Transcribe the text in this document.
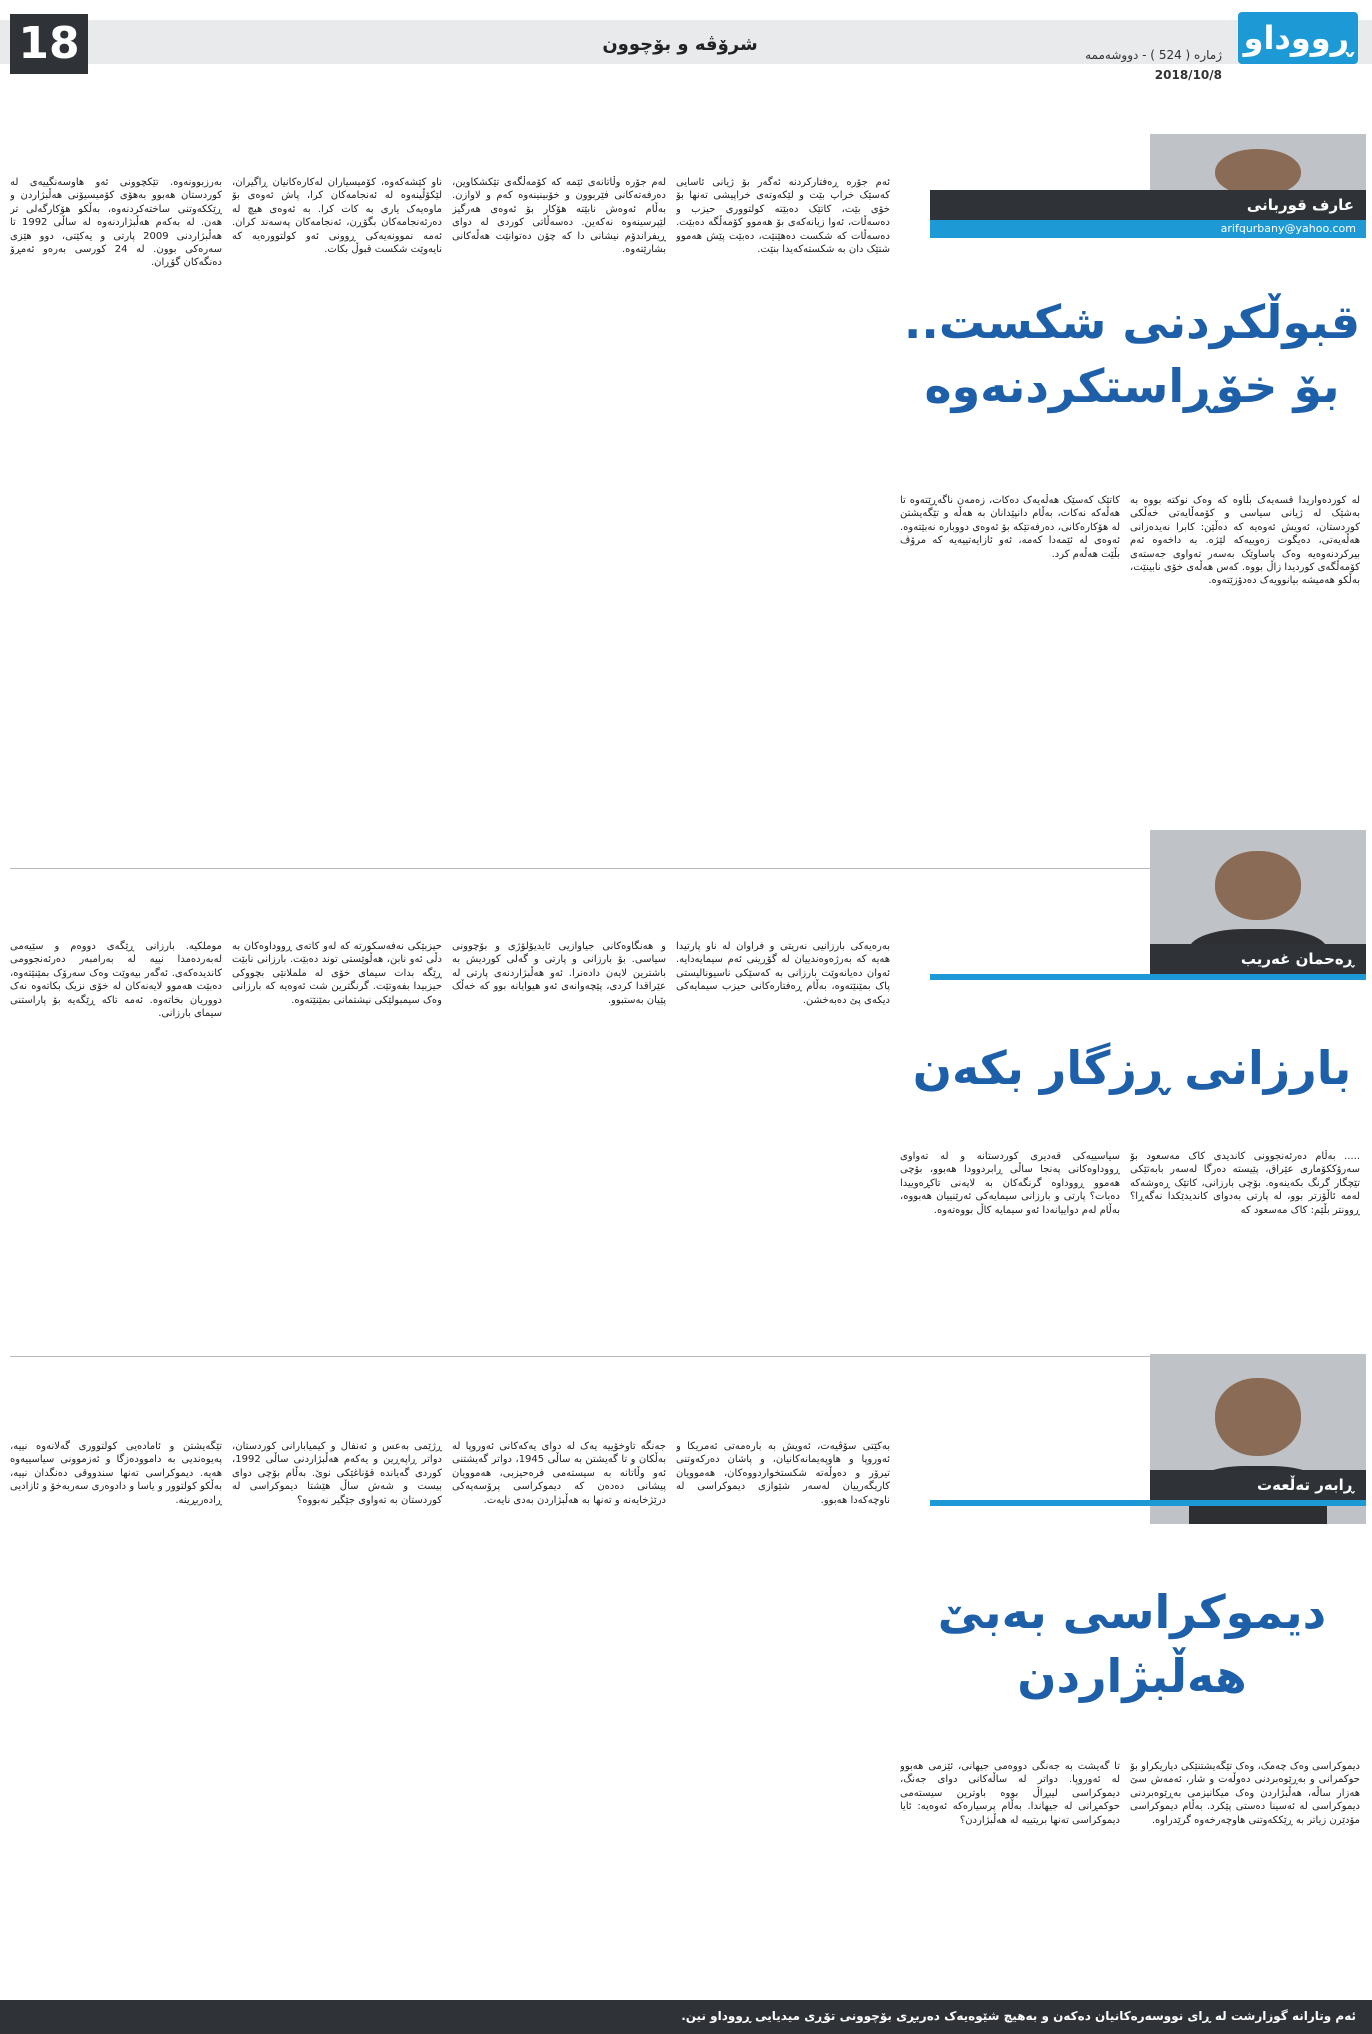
18	شرۆڤە و بۆچوون	ڕووداو
ژمارە ( 524 ) - دووشەممە
2018/10/8
عارف قوربانی
arifqurbany@yahoo.com
قبوڵکردنی شکست.. بۆ خۆڕاستکردنەوە
لە کوردەواریدا قسەیەک بڵاوە کە وەک نوکتە بووە بە بەشێک لە ژیانی سیاسی و کۆمەڵایەتی خەڵکی کوردستان، ئەویش ئەوەیە کە دەڵێن: کابرا نەیدەزانی هەڵەیەتی، دەیگوت زەوییەکە لێژە. بە داخەوە ئەم بیرکردنەوەیە وەک پاساوێک بەسەر تەواوی جەستەی کۆمەڵگەی کوردیدا زاڵ بووە. کەس هەڵەی خۆی نابینێت، بەڵکو هەمیشە بیانوویەک دەدۆزێتەوە.
کاتێک کەسێک هەڵەیەک دەکات، زەمەن ناگەڕێتەوە تا هەڵەکە نەکات، بەڵام دانپێدانان بە هەڵە و تێگەیشتن لە هۆکارەکانی، دەرفەتێکە بۆ ئەوەی دووبارە نەبێتەوە. ئەوەی لە ئێمەدا کەمە، ئەو ئازایەتییەیە کە مرۆڤ بڵێت هەڵەم کرد.
ئەم جۆرە ڕەفتارکردنە ئەگەر بۆ ژیانی ئاسایی کەسێک خراپ بێت و لێکەوتەی خراپیشی تەنها بۆ خۆی بێت، کاتێک دەبێتە کولتووری حیزب و دەسەڵات، ئەوا زیانەکەی بۆ هەموو کۆمەڵگە دەبێت. دەسەڵات کە شکست دەهێنێت، دەبێت پێش هەموو شتێک دان بە شکستەکەیدا بنێت.
لەم جۆرە وڵاتانەی ئێمە کە کۆمەڵگەی تێکشکاوین، دەرفەتەکانی فێربوون و خۆبینینەوە کەم و لاوازن. بەڵام ئەوەش نابێتە هۆکار بۆ ئەوەی هەرگیز لێپرسینەوە نەکەین. دەسەڵاتی کوردی لە دوای ڕیفراندۆم نیشانی دا کە چۆن دەتوانێت هەڵەکانی بشارێتەوە.
ناو کێشەکەوە، کۆمیسیاران لەکارەکانیان ڕاگیران، لێکۆڵینەوە لە ئەنجامەکان کرا، پاش ئەوەی بۆ ماوەیەک یاری بە کات کرا. بە ئەوەی هیچ لە دەرئەنجامەکان بگۆڕن، ئەنجامەکان پەسەند کران. ئەمە نموونەیەکی ڕوونی ئەو کولتوورەیە کە نایەوێت شکست قبوڵ بکات.
بەرزبوونەوە. تێکچوونی ئەو هاوسەنگییەی لە کوردستان هەبوو بەهۆی کۆمیسیۆنی هەڵبژاردن و ڕێککەوتنی ساختەکردنەوە، بەڵکو هۆکارگەلی تر هەن. لە بەکەم هەڵبژاردنەوە لە ساڵی 1992 تا هەڵبژاردنی 2009 پارتی و یەکێتی، دوو هێزی سەرەکی بوون. لە 24 کورسی بەرەو ئەمڕۆ دەنگەکان گۆڕان.
ڕەحمان غەریب
بارزانی ڕزگار بکەن
..... بەڵام دەرئەنجوونی کاندیدی کاک مەسعود بۆ سەرۆککۆماری عێراق، پێیستە دەرگا لەسەر بابەتێکی تێچگار گرنگ بکەینەوە. بۆچی بارزانی، کاتێک ڕەوشەکە لەمە ئاڵۆزتر بوو، لە پارتی بەدوای کاندیدێکدا نەگەڕا؟ ڕوونتر بڵێم: کاک مەسعود کە
سیاسییەکی قەدیری کوردستانە و لە تەواوی ڕووداوەکانی پەنجا ساڵی ڕابردوودا هەبوو، بۆچی هەموو ڕووداوە گرنگەکان بە لایەنی تاکڕەوییدا دەبات؟ پارتی و بارزانی سیمایەکی ئەرێنییان هەبووە، بەڵام لەم دواییانەدا ئەو سیمایە کاڵ بووەتەوە.
بەرەیەکی بارزانیی نەریتی و فراوان لە ناو پارتیدا هەیە کە بەرژەوەندییان لە گۆڕینی ئەم سیمایەدایە. ئەوان دەیانەوێت بارزانی بە کەسێکی ناسیونالیستی پاک بمێنێتەوە، بەڵام ڕەفتارەکانی حیزب سیمایەکی دیکەی پێ دەبەخشن.
و هەنگاوەکانی جیاوازیی ئایدیۆلۆژی و بۆچوونی سیاسی. بۆ بارزانی و پارتی و گەلی کوردیش بە باشترین لایەن دادەنرا. ئەو هەڵبژاردنەی پارتی لە عێراقدا کردی، پێچەوانەی ئەو هیوایانە بوو کە خەڵک پێیان بەستبوو.
حیزبێکی نەفەسکورتە کە لەو کاتەی ڕووداوەکان بە دڵی ئەو نابن، هەڵوێستی توند دەبێت. بارزانی نابێت ڕێگە بدات سیمای خۆی لە ململانێی بچووکی حیزبیدا بفەوتێت. گرنگترین شت ئەوەیە کە بارزانی وەک سیمبولێکی نیشتمانی بمێنێتەوە.
موملکیە. بارزانی ڕێگەی دووەم و سێیەمی لەبەردەمدا نییە لە بەرامبەر دەرئەنجوومی کاندیدەکەی. ئەگەر بیەوێت وەک سەرۆک بمێنێتەوە، دەبێت هەموو لایەنەکان لە خۆی نزیک بکاتەوە نەک دووریان بخاتەوە. ئەمە تاکە ڕێگەیە بۆ پاراستنی سیمای بارزانی.
ڕابەر تەڵعەت
دیموکراسی بەبێ هەڵبژاردن
دیموکراسی وەک چەمک، وەک تێگەیشتنێکی دیاریکراو بۆ حوکمرانی و بەڕێوەبردنی دەوڵەت و شار، ئەمەش سێ هەزار ساڵە، هەڵبژاردن وەک میکانیزمی بەڕێوەبردنی دیموکراسی لە ئەسینا دەستی پێکرد. بەڵام دیموکراسی مۆدێرن زیاتر بە ڕێککەوتنی هاوچەرخەوە گرێدراوە.
تا گەیشت بە جەنگی دووەمی جیهانی، ئێزمی هەبوو لە ئەوروپا. دواتر لە ساڵەکانی دوای جەنگ، دیموکراسی لیبڕاڵ بووە باوترین سیستەمی حوکمڕانی لە جیهاندا. بەڵام پرسیارەکە ئەوەیە: ئایا دیموکراسی تەنها بریتییە لە هەڵبژاردن؟
بەکێتی سۆڤیەت، ئەویش بە بارەمەتی ئەمریکا و ئەوروپا و هاوپەیمانەکانیان، و پاشان دەرکەوتنی تیرۆر و دەوڵەتە شکستخواردووەکان، هەموویان کاریگەرییان لەسەر شێوازی دیموکراسی لە ناوچەکەدا هەبوو.
جەنگە تاوخۆییە یەک لە دوای یەکەکانی ئەوروپا لە بەڵکان و تا گەیشتن بە ساڵی 1945، دواتر گەیشتنی ئەو وڵاتانە بە سیستەمی فرەحیزبی، هەموویان پیشانی دەدەن کە دیموکراسی پرۆسەیەکی درێژخایەنە و تەنها بە هەڵبژاردن بەدی نایەت.
ڕژێمی بەعس و ئەنفال و کیمیابارانی کوردستان، دواتر ڕاپەڕین و یەکەم هەڵبژاردنی ساڵی 1992، کوردی گەیاندە قۆناغێکی نوێ. بەڵام بۆچی دوای بیست و شەش ساڵ هێشتا دیموکراسی لە کوردستان بە تەواوی جێگیر نەبووە؟
تێگەیشتن و ئامادەیی کولتووری گەلانەوە نییە، پەیوەندیی بە داموودەزگا و ئەزموونی سیاسییەوە هەیە. دیموکراسی تەنها سندووقی دەنگدان نییە، بەڵکو کولتوور و یاسا و دادوەری سەربەخۆ و ئازادیی ڕادەربڕینە.
ئەم وتارانە گوزارشت لە ڕای نووسەرەکانیان دەکەن و بەهیچ شێوەیەک دەربڕی بۆچوونی تۆڕی میدیایی ڕووداو نین.
